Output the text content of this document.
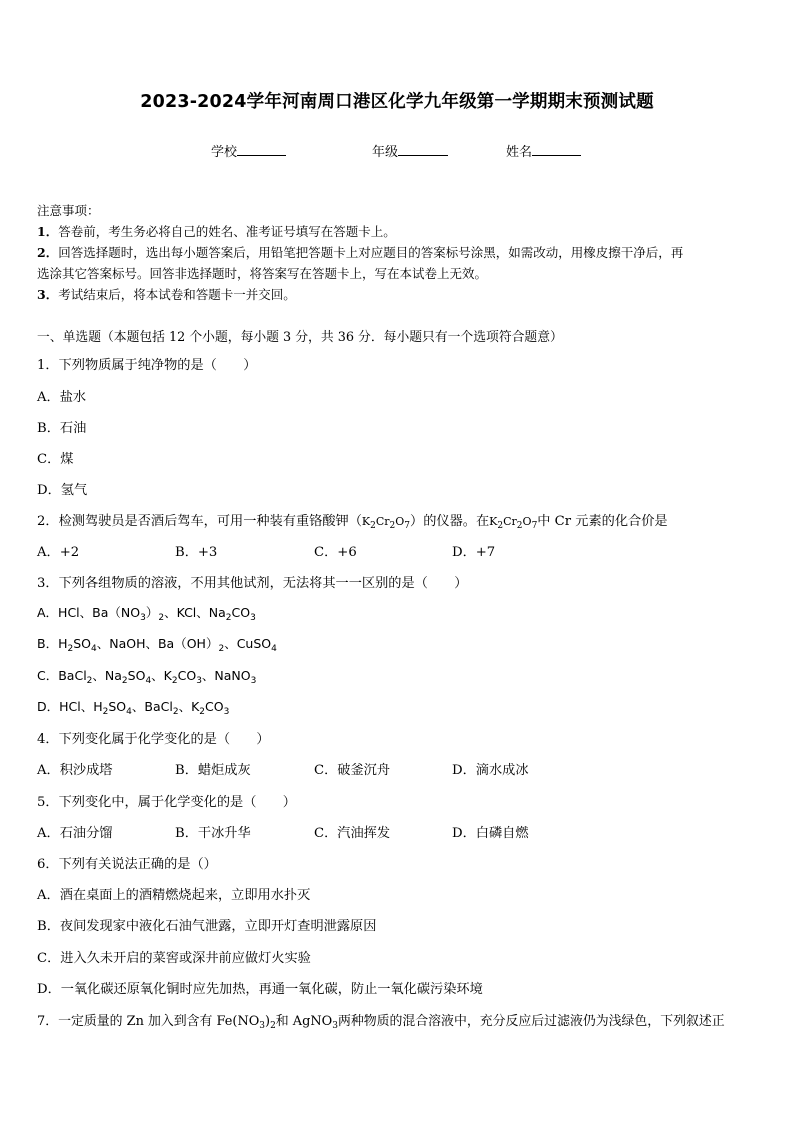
2023-2024学年河南周口港区化学九年级第一学期期末预测试题
学校	年级	姓名
注意事项：
1．答卷前，考生务必将自己的姓名、准考证号填写在答题卡上。
2．回答选择题时，选出每小题答案后，用铅笔把答题卡上对应题目的答案标号涂黑，如需改动，用橡皮擦干净后，再
选涂其它答案标号。回答非选择题时，将答案写在答题卡上，写在本试卷上无效。
3．考试结束后，将本试卷和答题卡一并交回。
一、单选题（本题包括 12 个小题，每小题 3 分，共 36 分．每小题只有一个选项符合题意）
1．下列物质属于纯净物的是（　　）
A．盐水
B．石油
C．煤
D．氢气
2．检测驾驶员是否酒后驾车，可用一种装有重铬酸钾$(K_2Cr_2O_7)$的仪器。在$K_2Cr_2O_7$中 Cr 元素的化合价是
A．+2	B．+3	C．+6	D．+7
3．下列各组物质的溶液，不用其他试剂，无法将其一一区别的是（　　）
A．HCl、$Ba(NO_3)_2$、KCl、$Na_2CO_3$
B．$H_2SO_4$、NaOH、$Ba(OH)_2$、CuSO$_4$
C．BaCl$_2$、$Na_2SO_4$、$K_2CO_3$、NaNO$_3$
D．HCl、$H_2SO_4$、BaCl$_2$、$K_2CO_3$
4．下列变化属于化学变化的是（　　）
A．积沙成塔	B．蜡炬成灰	C．破釜沉舟	D．滴水成冰
5．下列变化中，属于化学变化的是（　　）
A．石油分馏	B．干冰升华	C．汽油挥发	D．白磷自燃
6．下列有关说法正确的是（）
A．酒在桌面上的酒精燃烧起来，立即用水扑灭
B．夜间发现家中液化石油气泄露，立即开灯查明泄露原因
C．进入久未开启的菜窖或深井前应做灯火实验
D．一氧化碳还原氧化铜时应先加热，再通一氧化碳，防止一氧化碳污染环境
7．一定质量的 Zn 加入到含有 $Fe(NO_3)_2$和 AgNO$_3$两种物质的混合溶液中，充分反应后过滤液仍为浅绿色，下列叙述正
